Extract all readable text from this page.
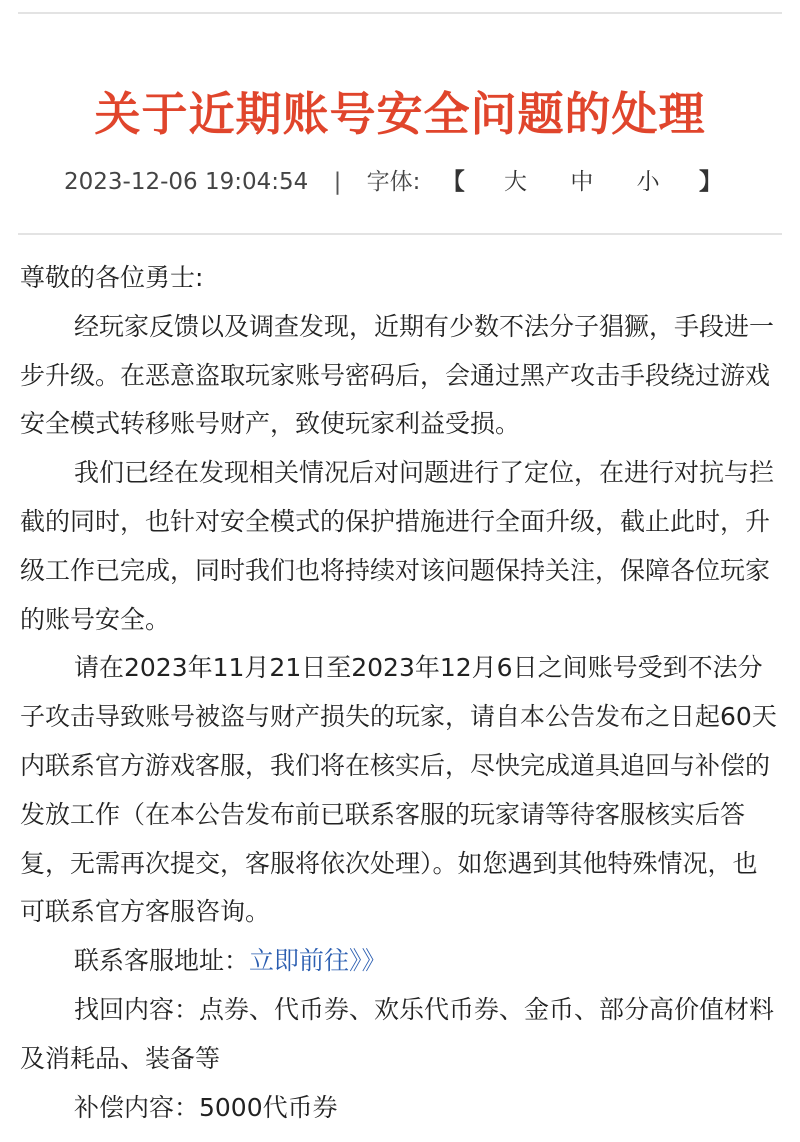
关于近期账号安全问题的处理
2023-12-06 19:04:54 | 字体: 【 大 中 小 】

尊敬的各位勇士:

经玩家反馈以及调查发现，近期有少数不法分子猖獗，手段进一步升级。在恶意盗取玩家账号密码后，会通过黑产攻击手段绕过游戏安全模式转移账号财产，致使玩家利益受损。

我们已经在发现相关情况后对问题进行了定位，在进行对抗与拦截的同时，也针对安全模式的保护措施进行全面升级，截止此时，升级工作已完成，同时我们也将持续对该问题保持关注，保障各位玩家的账号安全。

请在2023年11月21日至2023年12月6日之间账号受到不法分子攻击导致账号被盗与财产损失的玩家，请自本公告发布之日起60天内联系官方游戏客服，我们将在核实后，尽快完成道具追回与补偿的发放工作（在本公告发布前已联系客服的玩家请等待客服核实后答复，无需再次提交，客服将依次处理）。如您遇到其他特殊情况，也可联系官方客服咨询。

联系客服地址：立即前往》》

找回内容：点券、代币券、欢乐代币券、金币、部分高价值材料及消耗品、装备等

补偿内容：5000代币券
